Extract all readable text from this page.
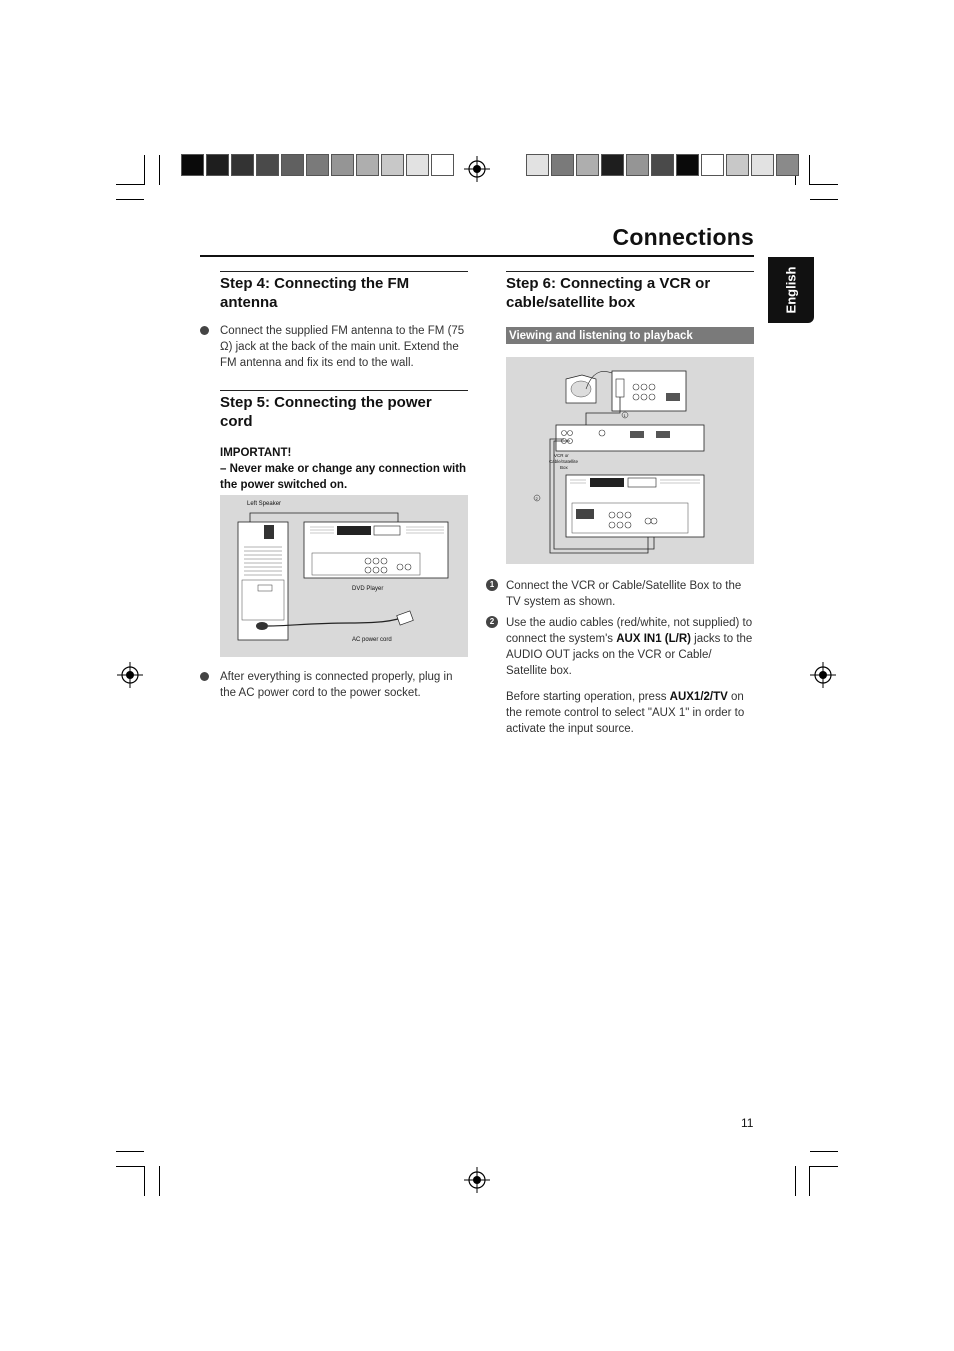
Connections
English
Step 4: Connecting the FM antenna
Connect the supplied FM antenna to the FM (75 Ω) jack at the back of the main unit. Extend the FM antenna and fix its end to the wall.
Step 5: Connecting the power cord
IMPORTANT!
– Never make or change any connection with the power switched on.
Left Speaker
DVD Player
AC power cord
After everything is connected properly, plug in the AC power cord to the power socket.
Step 6: Connecting a VCR or cable/satellite box
Viewing and listening to playback
1
VCR or
Cable/Satellite
Box
2
1	Connect the VCR or Cable/Satellite Box to the TV system as shown.
2	Use the audio cables (red/white, not supplied) to connect the system's AUX IN1 (L/R) jacks to the AUDIO OUT jacks on the VCR or Cable/ Satellite box.
Before starting operation, press AUX1/2/TV on the remote control to select "AUX 1" in order to activate the input source.
11
